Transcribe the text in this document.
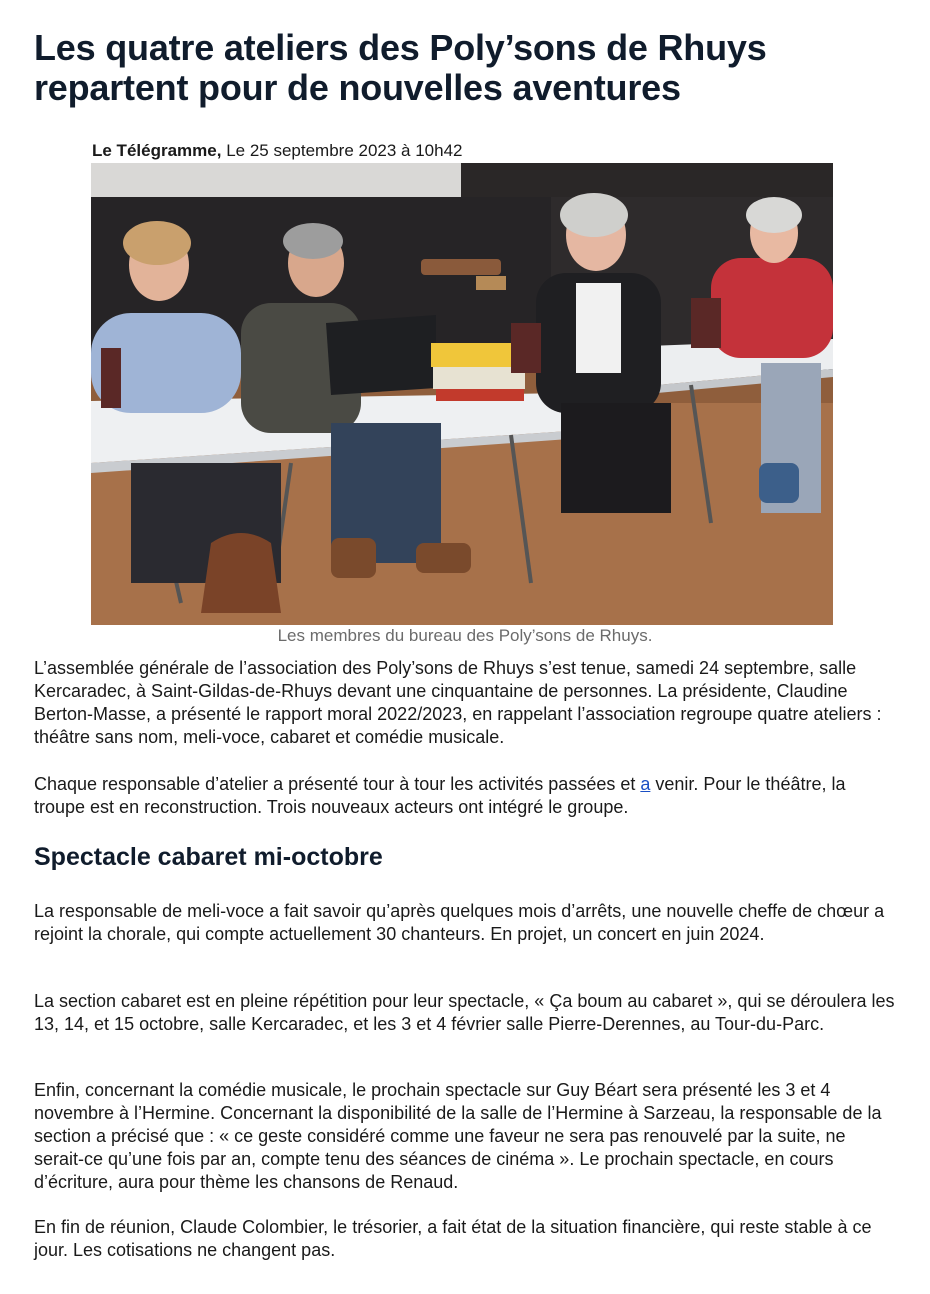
Les quatre ateliers des Poly’sons de Rhuys repartent pour de nouvelles aventures
Le Télégramme, Le 25 septembre 2023 à 10h42
Les membres du bureau des Poly’sons de Rhuys.

L’assemblée générale de l’association des Poly’sons de Rhuys s’est tenue, samedi 24 septembre, salle Kercaradec, à Saint-Gildas-de-Rhuys devant une cinquantaine de personnes. La présidente, Claudine Berton-Masse, a présenté le rapport moral 2022/2023, en rappelant l’association regroupe quatre ateliers : théâtre sans nom, meli-voce, cabaret et comédie musicale.

Chaque responsable d’atelier a présenté tour à tour les activités passées et a venir. Pour le théâtre, la troupe est en reconstruction. Trois nouveaux acteurs ont intégré le groupe.

Spectacle cabaret mi-octobre

La responsable de meli-voce a fait savoir qu’après quelques mois d’arrêts, une nouvelle cheffe de chœur a rejoint la chorale, qui compte actuellement 30 chanteurs. En projet, un concert en juin 2024.

La section cabaret est en pleine répétition pour leur spectacle, « Ça boum au cabaret », qui se déroulera les 13, 14, et 15 octobre, salle Kercaradec, et les 3 et 4 février salle Pierre-Derennes, au Tour-du-Parc.

Enfin, concernant la comédie musicale, le prochain spectacle sur Guy Béart sera présenté les 3 et 4 novembre à l’Hermine. Concernant la disponibilité de la salle de l’Hermine à Sarzeau, la responsable de la section a précisé que : « ce geste considéré comme une faveur ne sera pas renouvelé par la suite, ne serait-ce qu’une fois par an, compte tenu des séances de cinéma ». Le prochain spectacle, en cours d’écriture, aura pour thème les chansons de Renaud.

En fin de réunion, Claude Colombier, le trésorier, a fait état de la situation financière, qui reste stable à ce jour. Les cotisations ne changent pas.
